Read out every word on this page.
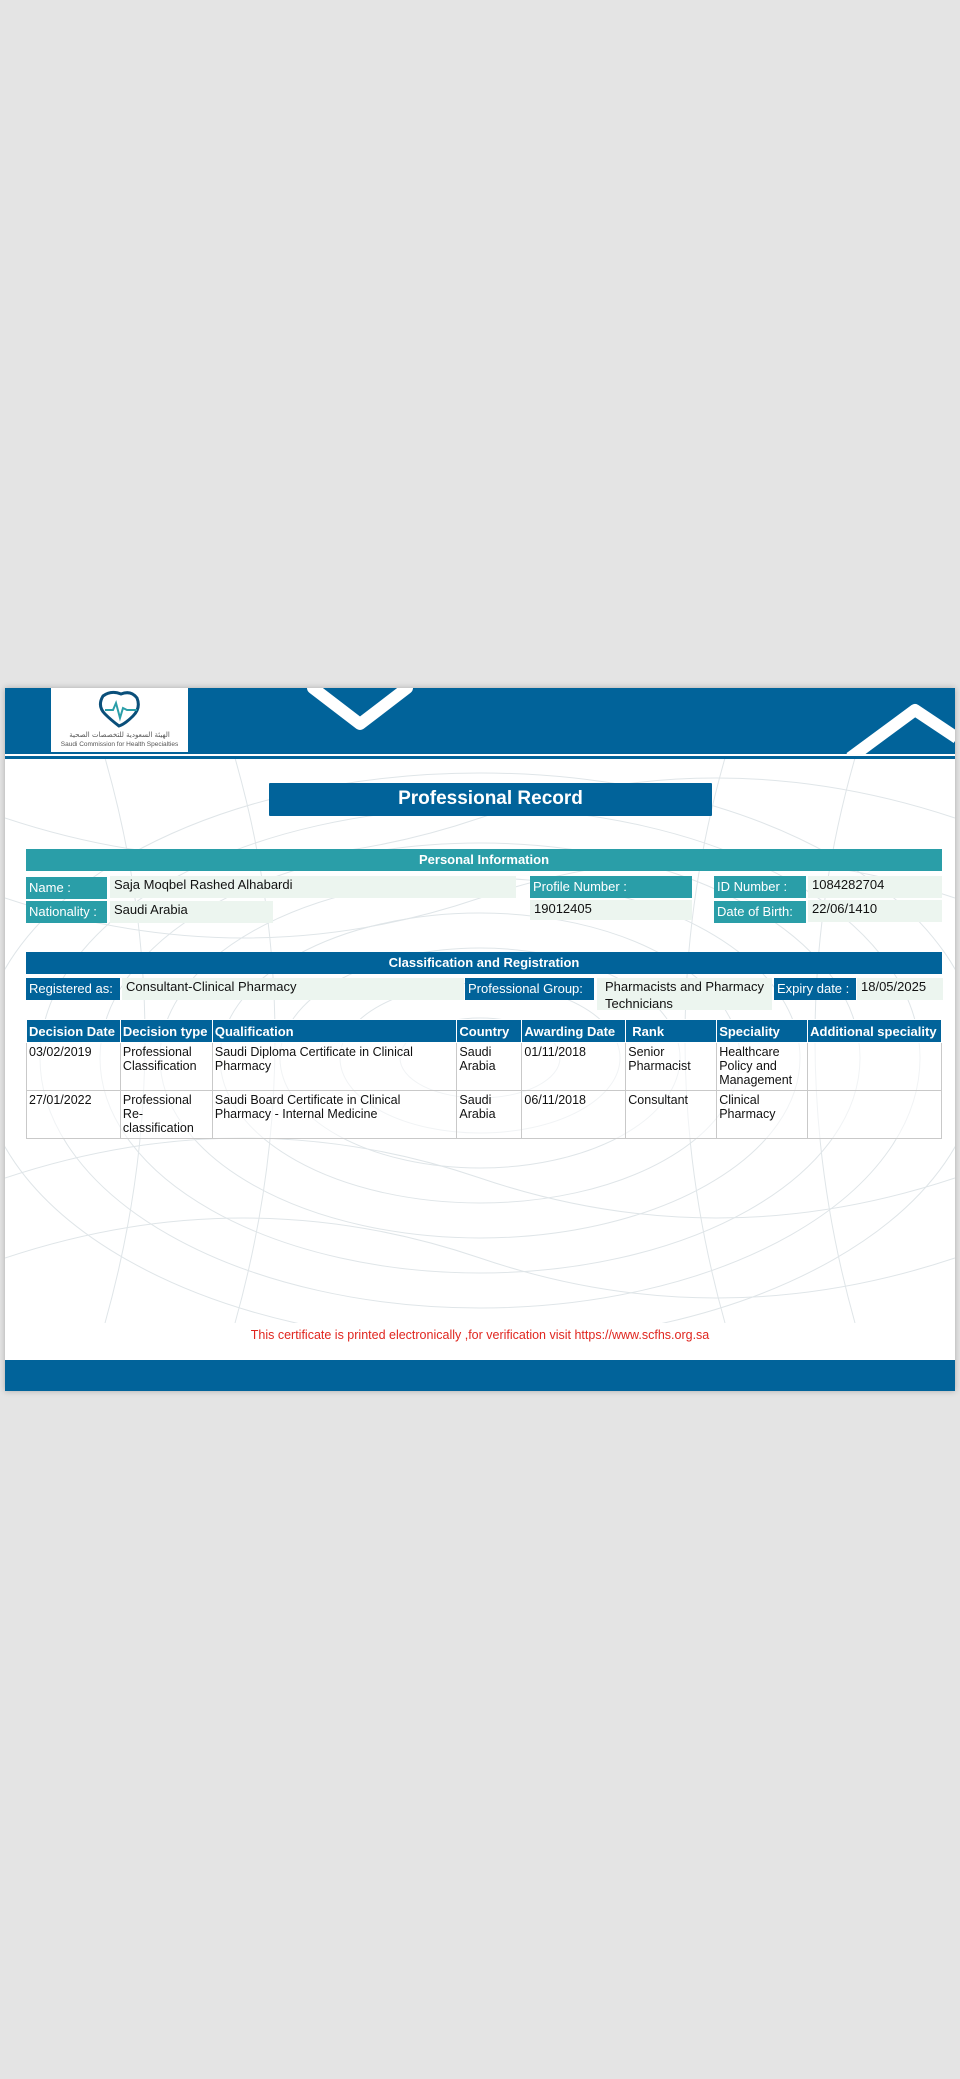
الهيئة السعودية للتخصصات الصحية
Saudi Commission for Health Specialties
Professional Record
Personal Information
Name :	Saja Moqbel Rashed Alhabardi
Nationality :	Saudi Arabia
Profile Number :
19012405
ID Number :	1084282704
Date of Birth:	22/06/1410
Classification and Registration
Registered as:	Consultant-Clinical Pharmacy	Professional Group:	Pharmacists and Pharmacy Technicians
Expiry date : 18/05/2025
Decision Date	Decision type	Qualification	Country	Awarding Date	Rank	Speciality	Additional speciality
03/02/2019	Professional Classification	Saudi Diploma Certificate in Clinical Pharmacy	Saudi Arabia	01/11/2018	Senior Pharmacist	Healthcare Policy and Management	
27/01/2022	Professional Re-classification	Saudi Board Certificate in Clinical Pharmacy - Internal Medicine	Saudi Arabia	06/11/2018	Consultant	Clinical Pharmacy	
This certificate is printed electronically ,for verification visit https://www.scfhs.org.sa
